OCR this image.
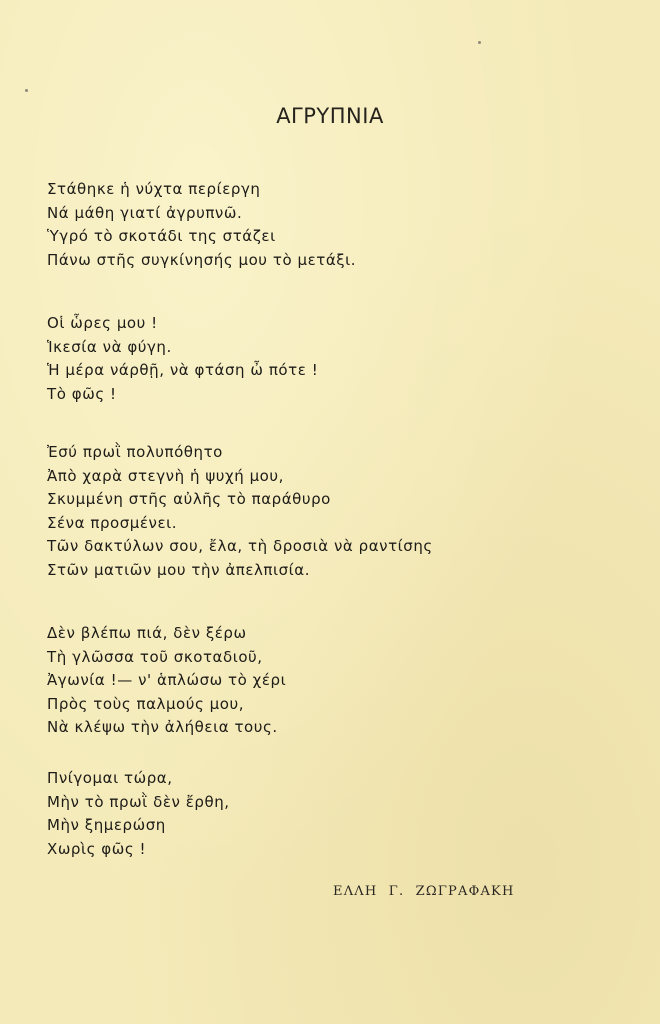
ΑΓΡΥΠΝΙΑ
Στάθηκε ἡ νύχτα περίεργη
Νά μάθη γιατί ἀγρυπνῶ.
Ὑγρό τὸ σκοτάδι της στάζει
Πάνω στῆς συγκίνησής μου τὸ μετάξι.
Οἱ ὧρες μου !
Ἱκεσία νὰ φύγη.
Ἡ μέρα νάρθῇ, νὰ φτάση ὦ πότε !
Τὸ φῶς !
Ἐσύ πρωῒ πολυπόθητο
Ἀπὸ χαρὰ στεγνὴ ἡ ψυχή μου,
Σκυμμένη στῆς αὐλῆς τὸ παράθυρο
Σένα προσμένει.
Τῶν δακτύλων σου, ἔλα, τὴ δροσιὰ νὰ ραντίσης
Στῶν ματιῶν μου τὴν ἀπελπισία.
Δὲν βλέπω πιά, δὲν ξέρω
Τὴ γλῶσσα τοῦ σκοταδιοῦ,
Ἀγωνία !— ν' ἁπλώσω τὸ χέρι
Πρὸς τοὺς παλμούς μου,
Νὰ κλέψω τὴν ἀλήθεια τους.
Πνίγομαι τώρα,
Μὴν τὸ πρωῒ δὲν ἔρθη,
Μὴν ξημερώση
Χωρὶς φῶς !
ΕΛΛΗ Γ. ΖΩΓΡΑΦΑΚΗ
